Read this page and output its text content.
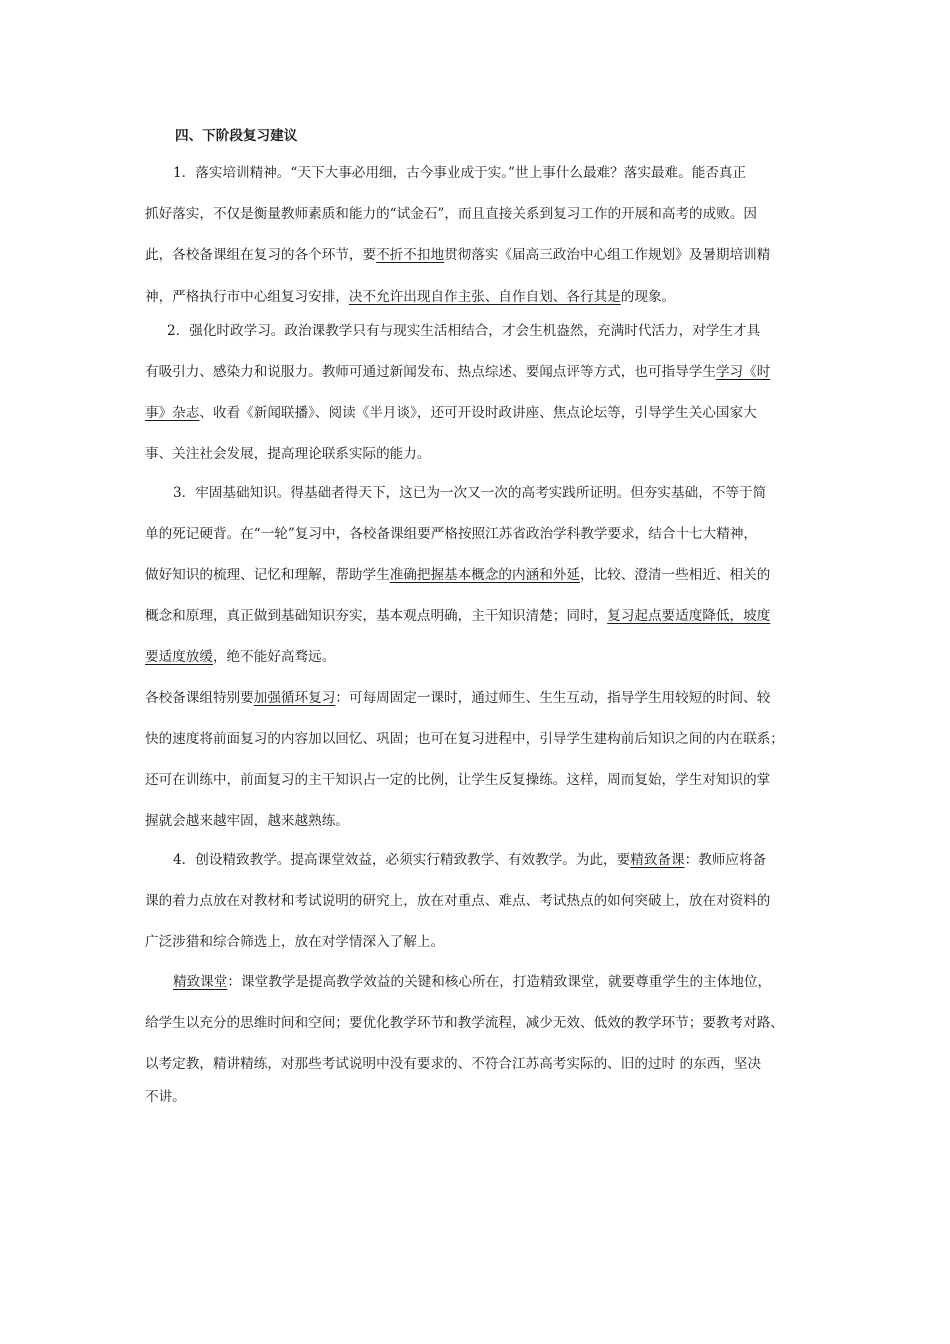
四、下阶段复习建议
1．落实培训精神。“天下大事必用细，古今事业成于实。”世上事什么最难？落实最难。能否真正
抓好落实，不仅是衡量教师素质和能力的“试金石”，而且直接关系到复习工作的开展和高考的成败。因
此，各校备课组在复习的各个环节，要不折不扣地贯彻落实《届高三政治中心组工作规划》及暑期培训精
神，严格执行市中心组复习安排，决不允许出现自作主张、自作自划、各行其是的现象。
2．强化时政学习。政治课教学只有与现实生活相结合，才会生机盎然，充满时代活力，对学生才具
有吸引力、感染力和说服力。教师可通过新闻发布、热点综述、要闻点评等方式，也可指导学生学习《时
事》杂志、收看《新闻联播》、阅读《半月谈》，还可开设时政讲座、焦点论坛等，引导学生关心国家大
事、关注社会发展，提高理论联系实际的能力。
3．牢固基础知识。得基础者得天下，这已为一次又一次的高考实践所证明。但夯实基础，不等于简
单的死记硬背。在“一轮”复习中，各校备课组要严格按照江苏省政治学科教学要求，结合十七大精神，
做好知识的梳理、记忆和理解，帮助学生准确把握基本概念的内涵和外延，比较、澄清一些相近、相关的
概念和原理，真正做到基础知识夯实，基本观点明确，主干知识清楚；同时，复习起点要适度降低，坡度
要适度放缓，绝不能好高骛远。
各校备课组特别要加强循环复习：可每周固定一课时，通过师生、生生互动，指导学生用较短的时间、较
快的速度将前面复习的内容加以回忆、巩固；也可在复习进程中，引导学生建构前后知识之间的内在联系；
还可在训练中，前面复习的主干知识占一定的比例，让学生反复操练。这样，周而复始，学生对知识的掌
握就会越来越牢固，越来越熟练。
4．创设精致教学。提高课堂效益，必须实行精致教学、有效教学。为此，要精致备课：教师应将备
课的着力点放在对教材和考试说明的研究上，放在对重点、难点、考试热点的如何突破上，放在对资料的
广泛涉猎和综合筛选上，放在对学情深入了解上。
精致课堂：课堂教学是提高教学效益的关键和核心所在，打造精致课堂，就要尊重学生的主体地位，
给学生以充分的思维时间和空间；要优化教学环节和教学流程，减少无效、低效的教学环节；要教考对路、
以考定教，精讲精练，对那些考试说明中没有要求的、不符合江苏高考实际的、旧的过时 的东西，坚决
不讲。
